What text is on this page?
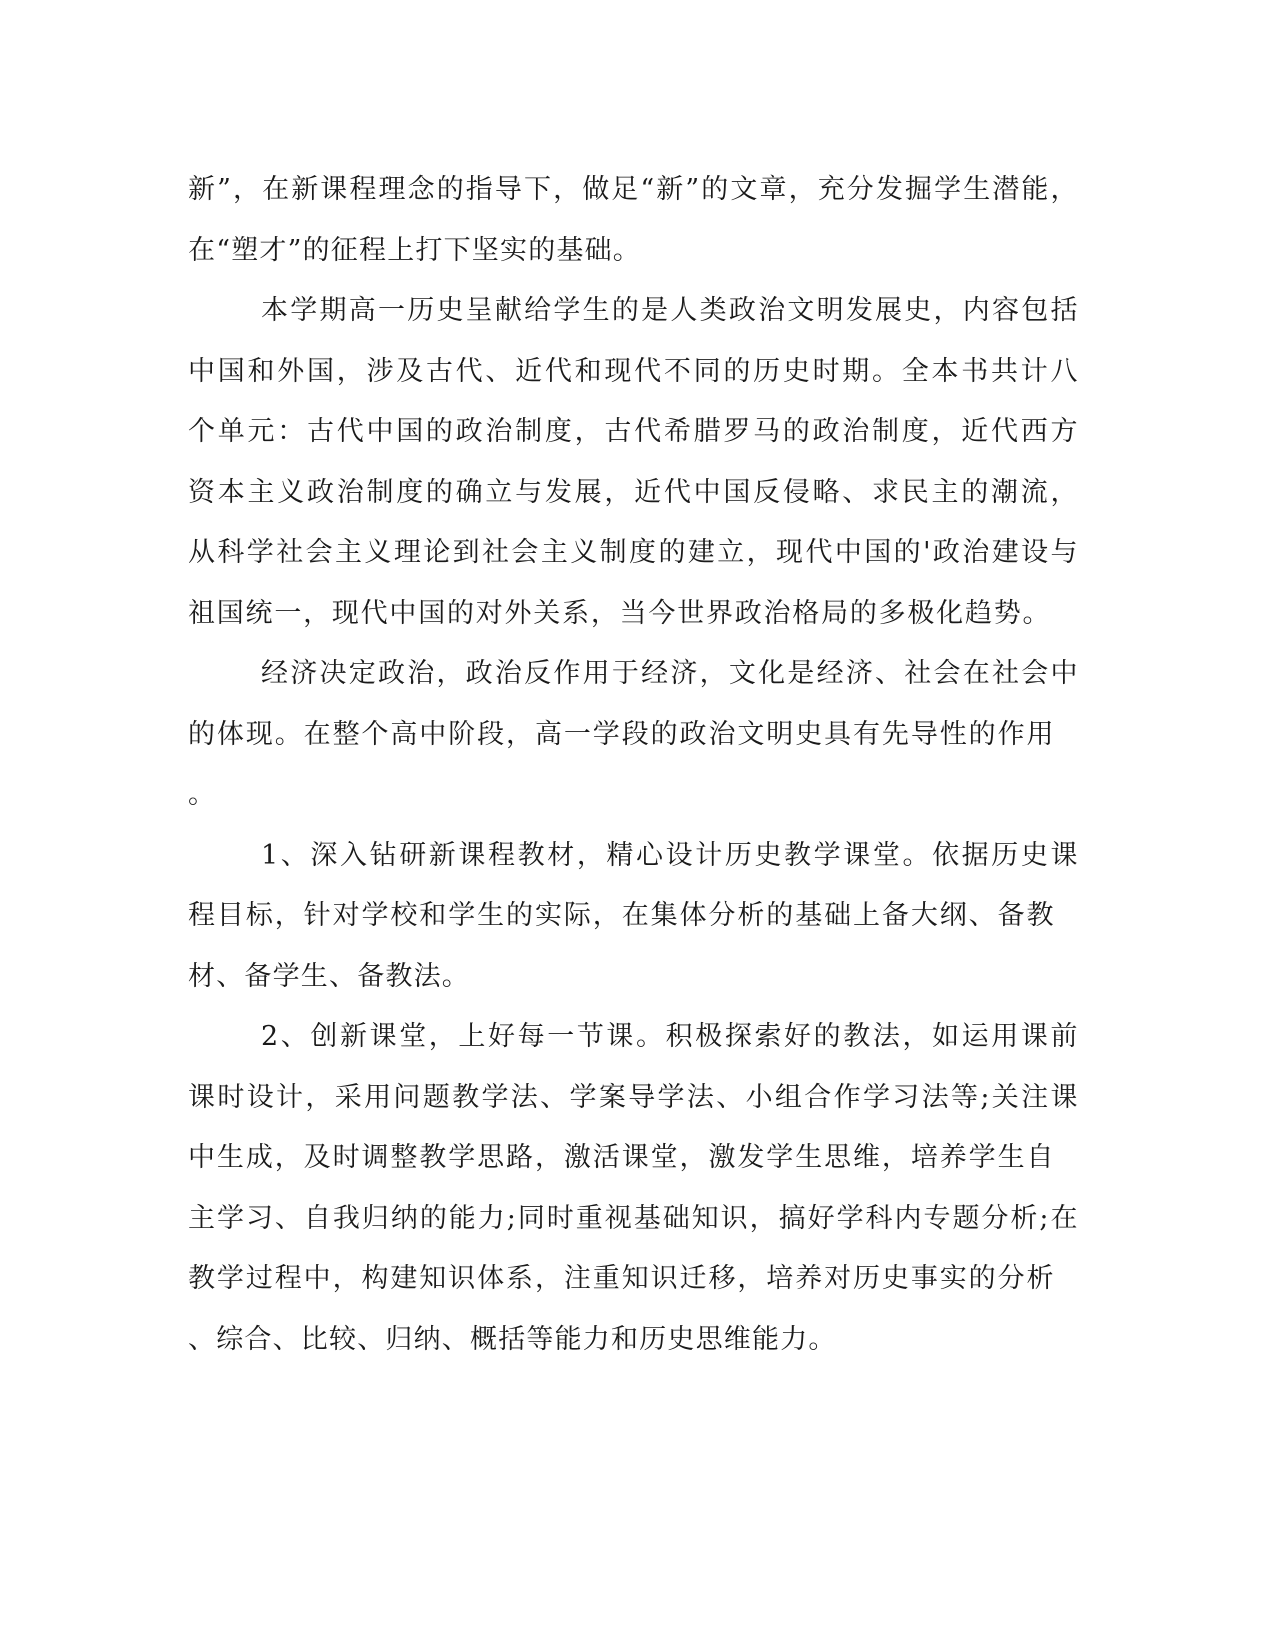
新”，在新课程理念的指导下，做足“新”的文章，充分发掘学生潜能，
在“塑才”的征程上打下坚实的基础。
本学期高一历史呈献给学生的是人类政治文明发展史，内容包括
中国和外国，涉及古代、近代和现代不同的历史时期。全本书共计八
个单元：古代中国的政治制度，古代希腊罗马的政治制度，近代西方
资本主义政治制度的确立与发展，近代中国反侵略、求民主的潮流，
从科学社会主义理论到社会主义制度的建立，现代中国的'政治建设与
祖国统一，现代中国的对外关系，当今世界政治格局的多极化趋势。
经济决定政治，政治反作用于经济，文化是经济、社会在社会中
的体现。在整个高中阶段，高一学段的政治文明史具有先导性的作用
。
1、深入钻研新课程教材，精心设计历史教学课堂。依据历史课
程目标，针对学校和学生的实际，在集体分析的基础上备大纲、备教
材、备学生、备教法。
2、创新课堂，上好每一节课。积极探索好的教法，如运用课前
课时设计，采用问题教学法、学案导学法、小组合作学习法等;关注课
中生成，及时调整教学思路，激活课堂，激发学生思维，培养学生自
主学习、自我归纳的能力;同时重视基础知识，搞好学科内专题分析;在
教学过程中，构建知识体系，注重知识迁移，培养对历史事实的分析
、综合、比较、归纳、概括等能力和历史思维能力。
